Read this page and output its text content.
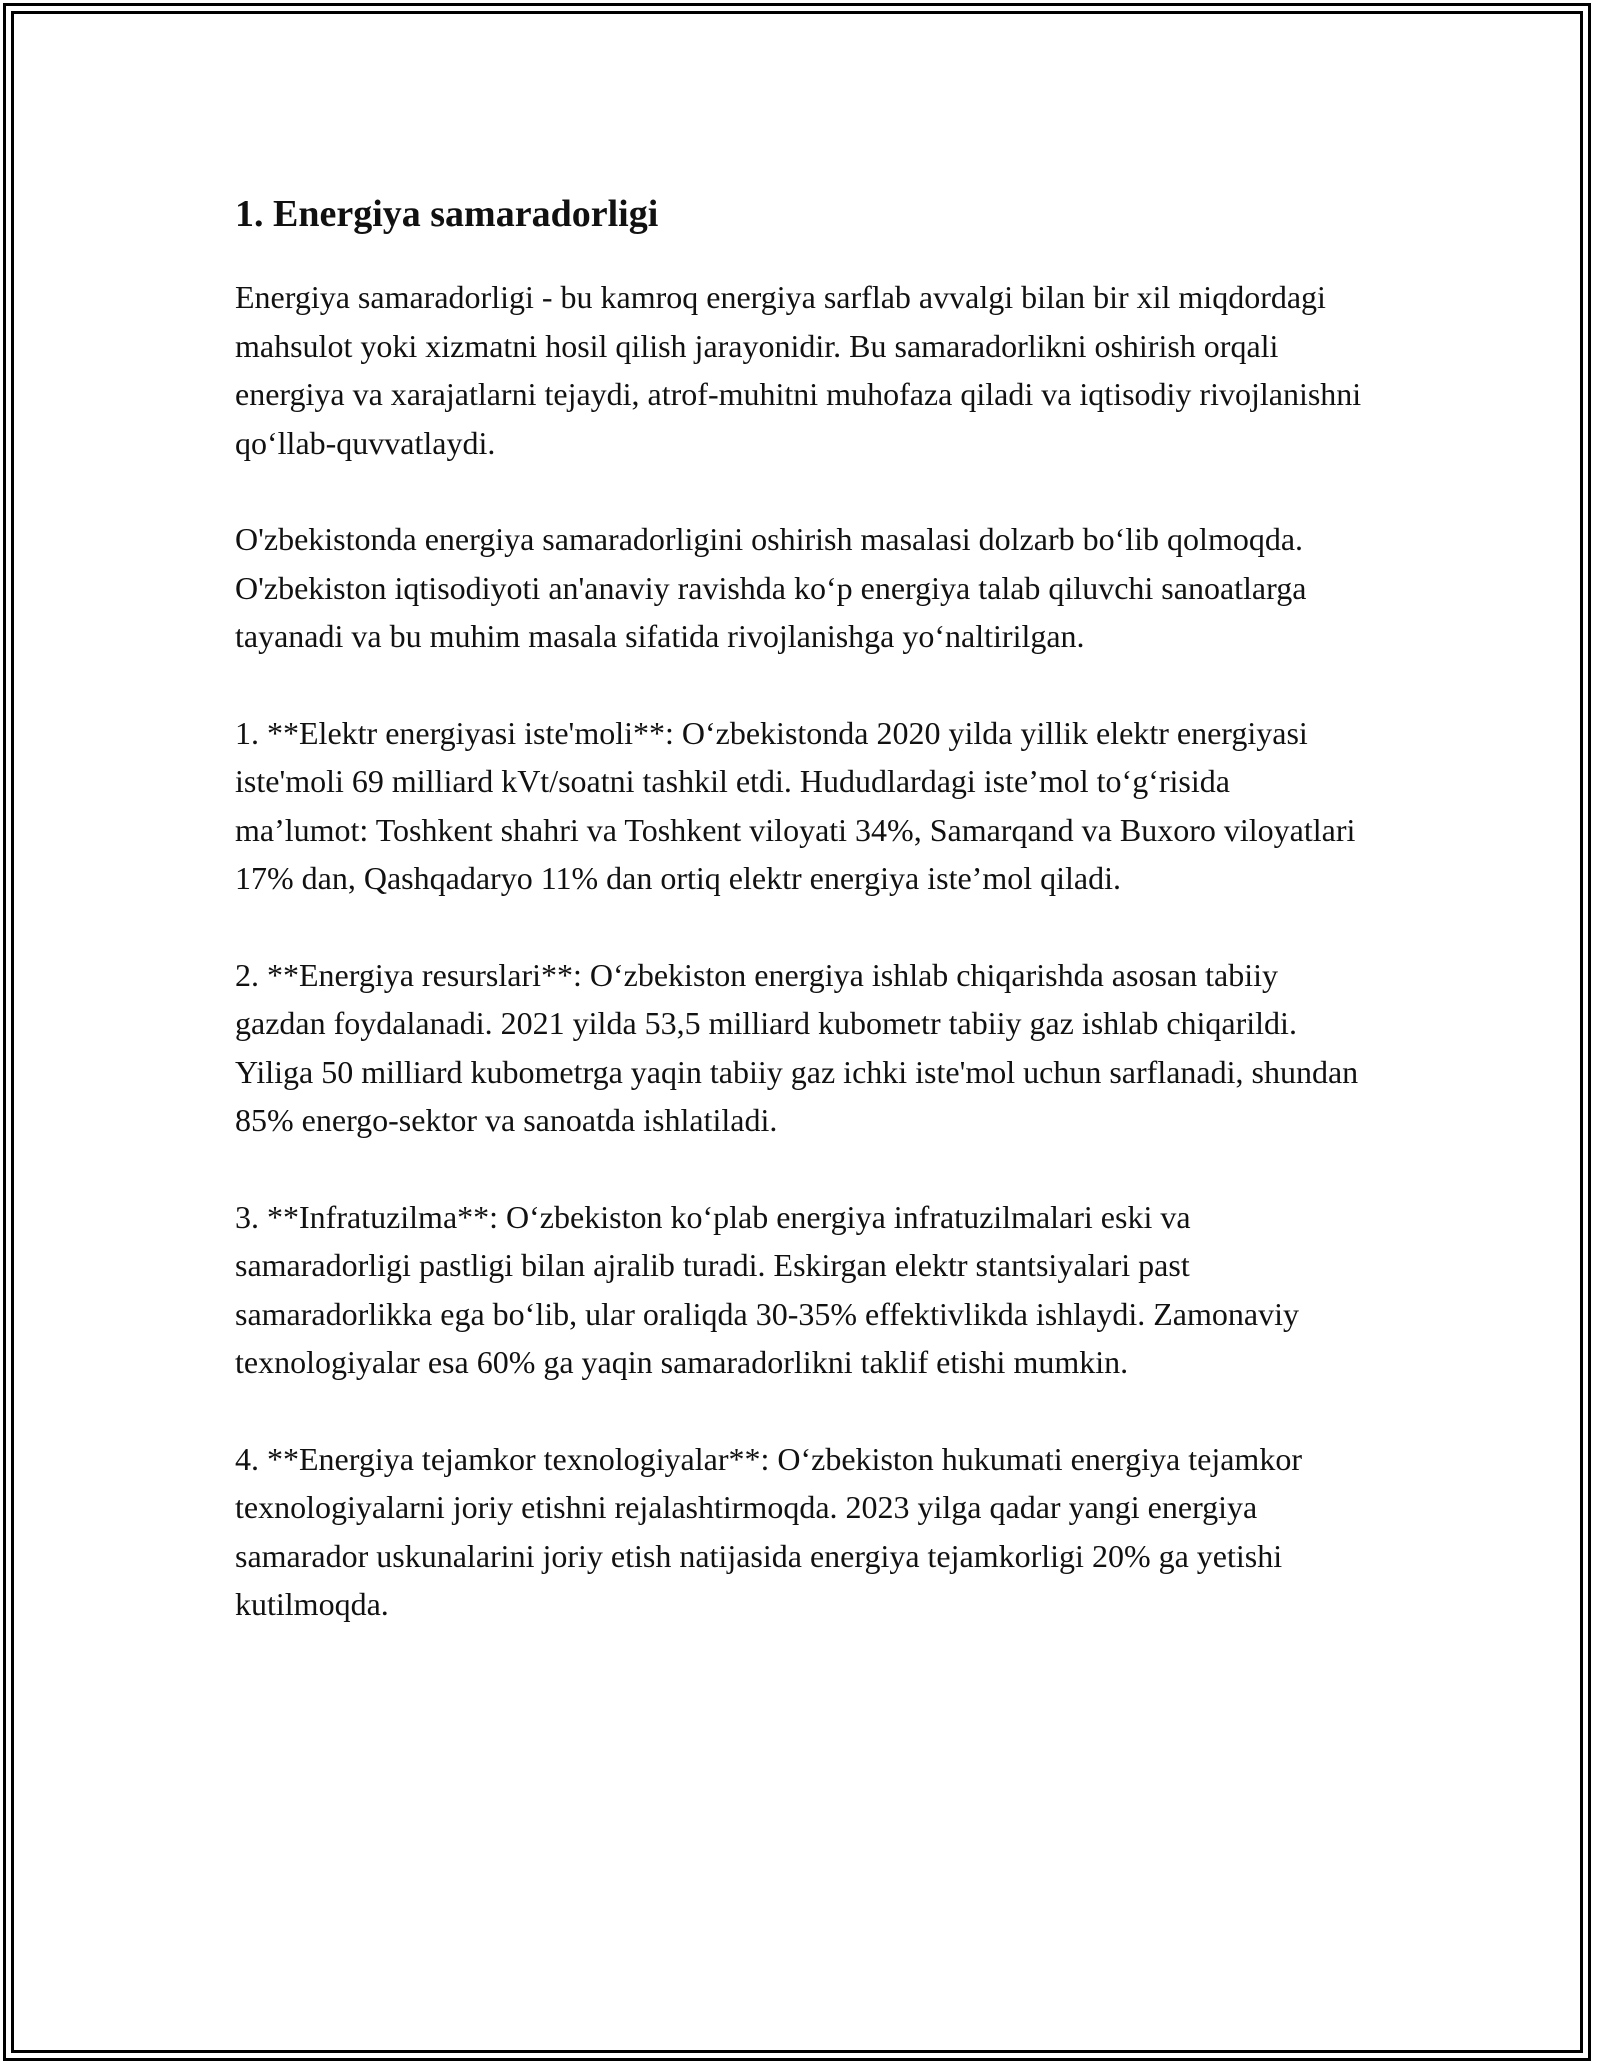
1. Energiya samaradorligi

Energiya samaradorligi - bu kamroq energiya sarflab avvalgi bilan bir xil miqdordagi mahsulot yoki xizmatni hosil qilish jarayonidir. Bu samaradorlikni oshirish orqali energiya va xarajatlarni tejaydi, atrof-muhitni muhofaza qiladi va iqtisodiy rivojlanishni qo‘llab-quvvatlaydi.

O'zbekistonda energiya samaradorligini oshirish masalasi dolzarb bo‘lib qolmoqda. O'zbekiston iqtisodiyoti an'anaviy ravishda ko‘p energiya talab qiluvchi sanoatlarga tayanadi va bu muhim masala sifatida rivojlanishga yo‘naltirilgan.

1. **Elektr energiyasi iste'moli**: O‘zbekistonda 2020 yilda yillik elektr energiyasi iste'moli 69 milliard kVt/soatni tashkil etdi. Hududlardagi iste’mol to‘g‘risida ma’lumot: Toshkent shahri va Toshkent viloyati 34%, Samarqand va Buxoro viloyatlari 17% dan, Qashqadaryo 11% dan ortiq elektr energiya iste’mol qiladi.

2. **Energiya resurslari**: O‘zbekiston energiya ishlab chiqarishda asosan tabiiy gazdan foydalanadi. 2021 yilda 53,5 milliard kubometr tabiiy gaz ishlab chiqarildi. Yiliga 50 milliard kubometrga yaqin tabiiy gaz ichki iste'mol uchun sarflanadi, shundan 85% energo-sektor va sanoatda ishlatiladi.

3. **Infratuzilma**: O‘zbekiston ko‘plab energiya infratuzilmalari eski va samaradorligi pastligi bilan ajralib turadi. Eskirgan elektr stantsiyalari past samaradorlikka ega bo‘lib, ular oraliqda 30-35% effektivlikda ishlaydi. Zamonaviy texnologiyalar esa 60% ga yaqin samaradorlikni taklif etishi mumkin.

4. **Energiya tejamkor texnologiyalar**: O‘zbekiston hukumati energiya tejamkor texnologiyalarni joriy etishni rejalashtirmoqda. 2023 yilga qadar yangi energiya samarador uskunalarini joriy etish natijasida energiya tejamkorligi 20% ga yetishi kutilmoqda.
